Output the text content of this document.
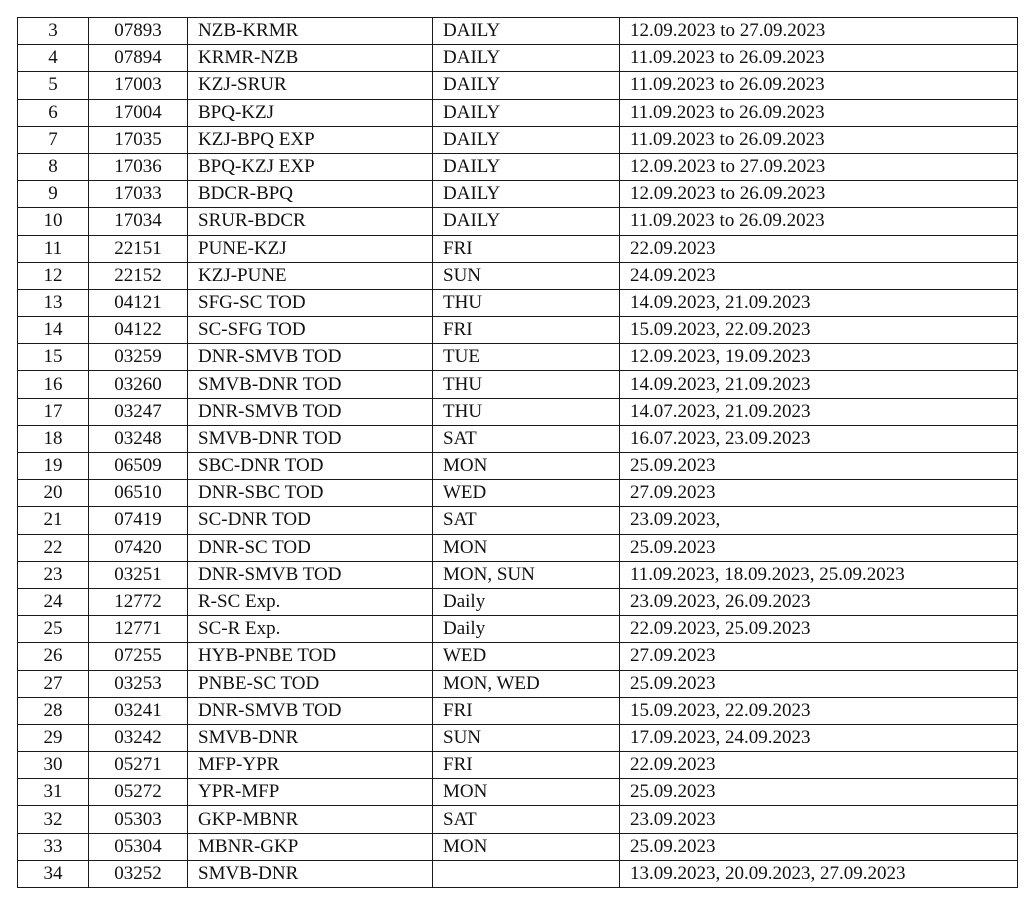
3	07893	NZB-KRMR	DAILY	12.09.2023 to 27.09.2023
4	07894	KRMR-NZB	DAILY	11.09.2023 to 26.09.2023
5	17003	KZJ-SRUR	DAILY	11.09.2023 to 26.09.2023
6	17004	BPQ-KZJ	DAILY	11.09.2023 to 26.09.2023
7	17035	KZJ-BPQ EXP	DAILY	11.09.2023 to 26.09.2023
8	17036	BPQ-KZJ EXP	DAILY	12.09.2023 to 27.09.2023
9	17033	BDCR-BPQ	DAILY	12.09.2023 to 26.09.2023
10	17034	SRUR-BDCR	DAILY	11.09.2023 to 26.09.2023
11	22151	PUNE-KZJ	FRI	22.09.2023
12	22152	KZJ-PUNE	SUN	24.09.2023
13	04121	SFG-SC TOD	THU	14.09.2023, 21.09.2023
14	04122	SC-SFG TOD	FRI	15.09.2023, 22.09.2023
15	03259	DNR-SMVB TOD	TUE	12.09.2023, 19.09.2023
16	03260	SMVB-DNR TOD	THU	14.09.2023, 21.09.2023
17	03247	DNR-SMVB TOD	THU	14.07.2023, 21.09.2023
18	03248	SMVB-DNR TOD	SAT	16.07.2023, 23.09.2023
19	06509	SBC-DNR TOD	MON	25.09.2023
20	06510	DNR-SBC TOD	WED	27.09.2023
21	07419	SC-DNR TOD	SAT	23.09.2023,
22	07420	DNR-SC TOD	MON	25.09.2023
23	03251	DNR-SMVB TOD	MON, SUN	11.09.2023, 18.09.2023, 25.09.2023
24	12772	R-SC Exp.	Daily	23.09.2023, 26.09.2023
25	12771	SC-R Exp.	Daily	22.09.2023, 25.09.2023
26	07255	HYB-PNBE TOD	WED	27.09.2023
27	03253	PNBE-SC TOD	MON, WED	25.09.2023
28	03241	DNR-SMVB TOD	FRI	15.09.2023, 22.09.2023
29	03242	SMVB-DNR	SUN	17.09.2023, 24.09.2023
30	05271	MFP-YPR	FRI	22.09.2023
31	05272	YPR-MFP	MON	25.09.2023
32	05303	GKP-MBNR	SAT	23.09.2023
33	05304	MBNR-GKP	MON	25.09.2023
34	03252	SMVB-DNR		13.09.2023, 20.09.2023, 27.09.2023
